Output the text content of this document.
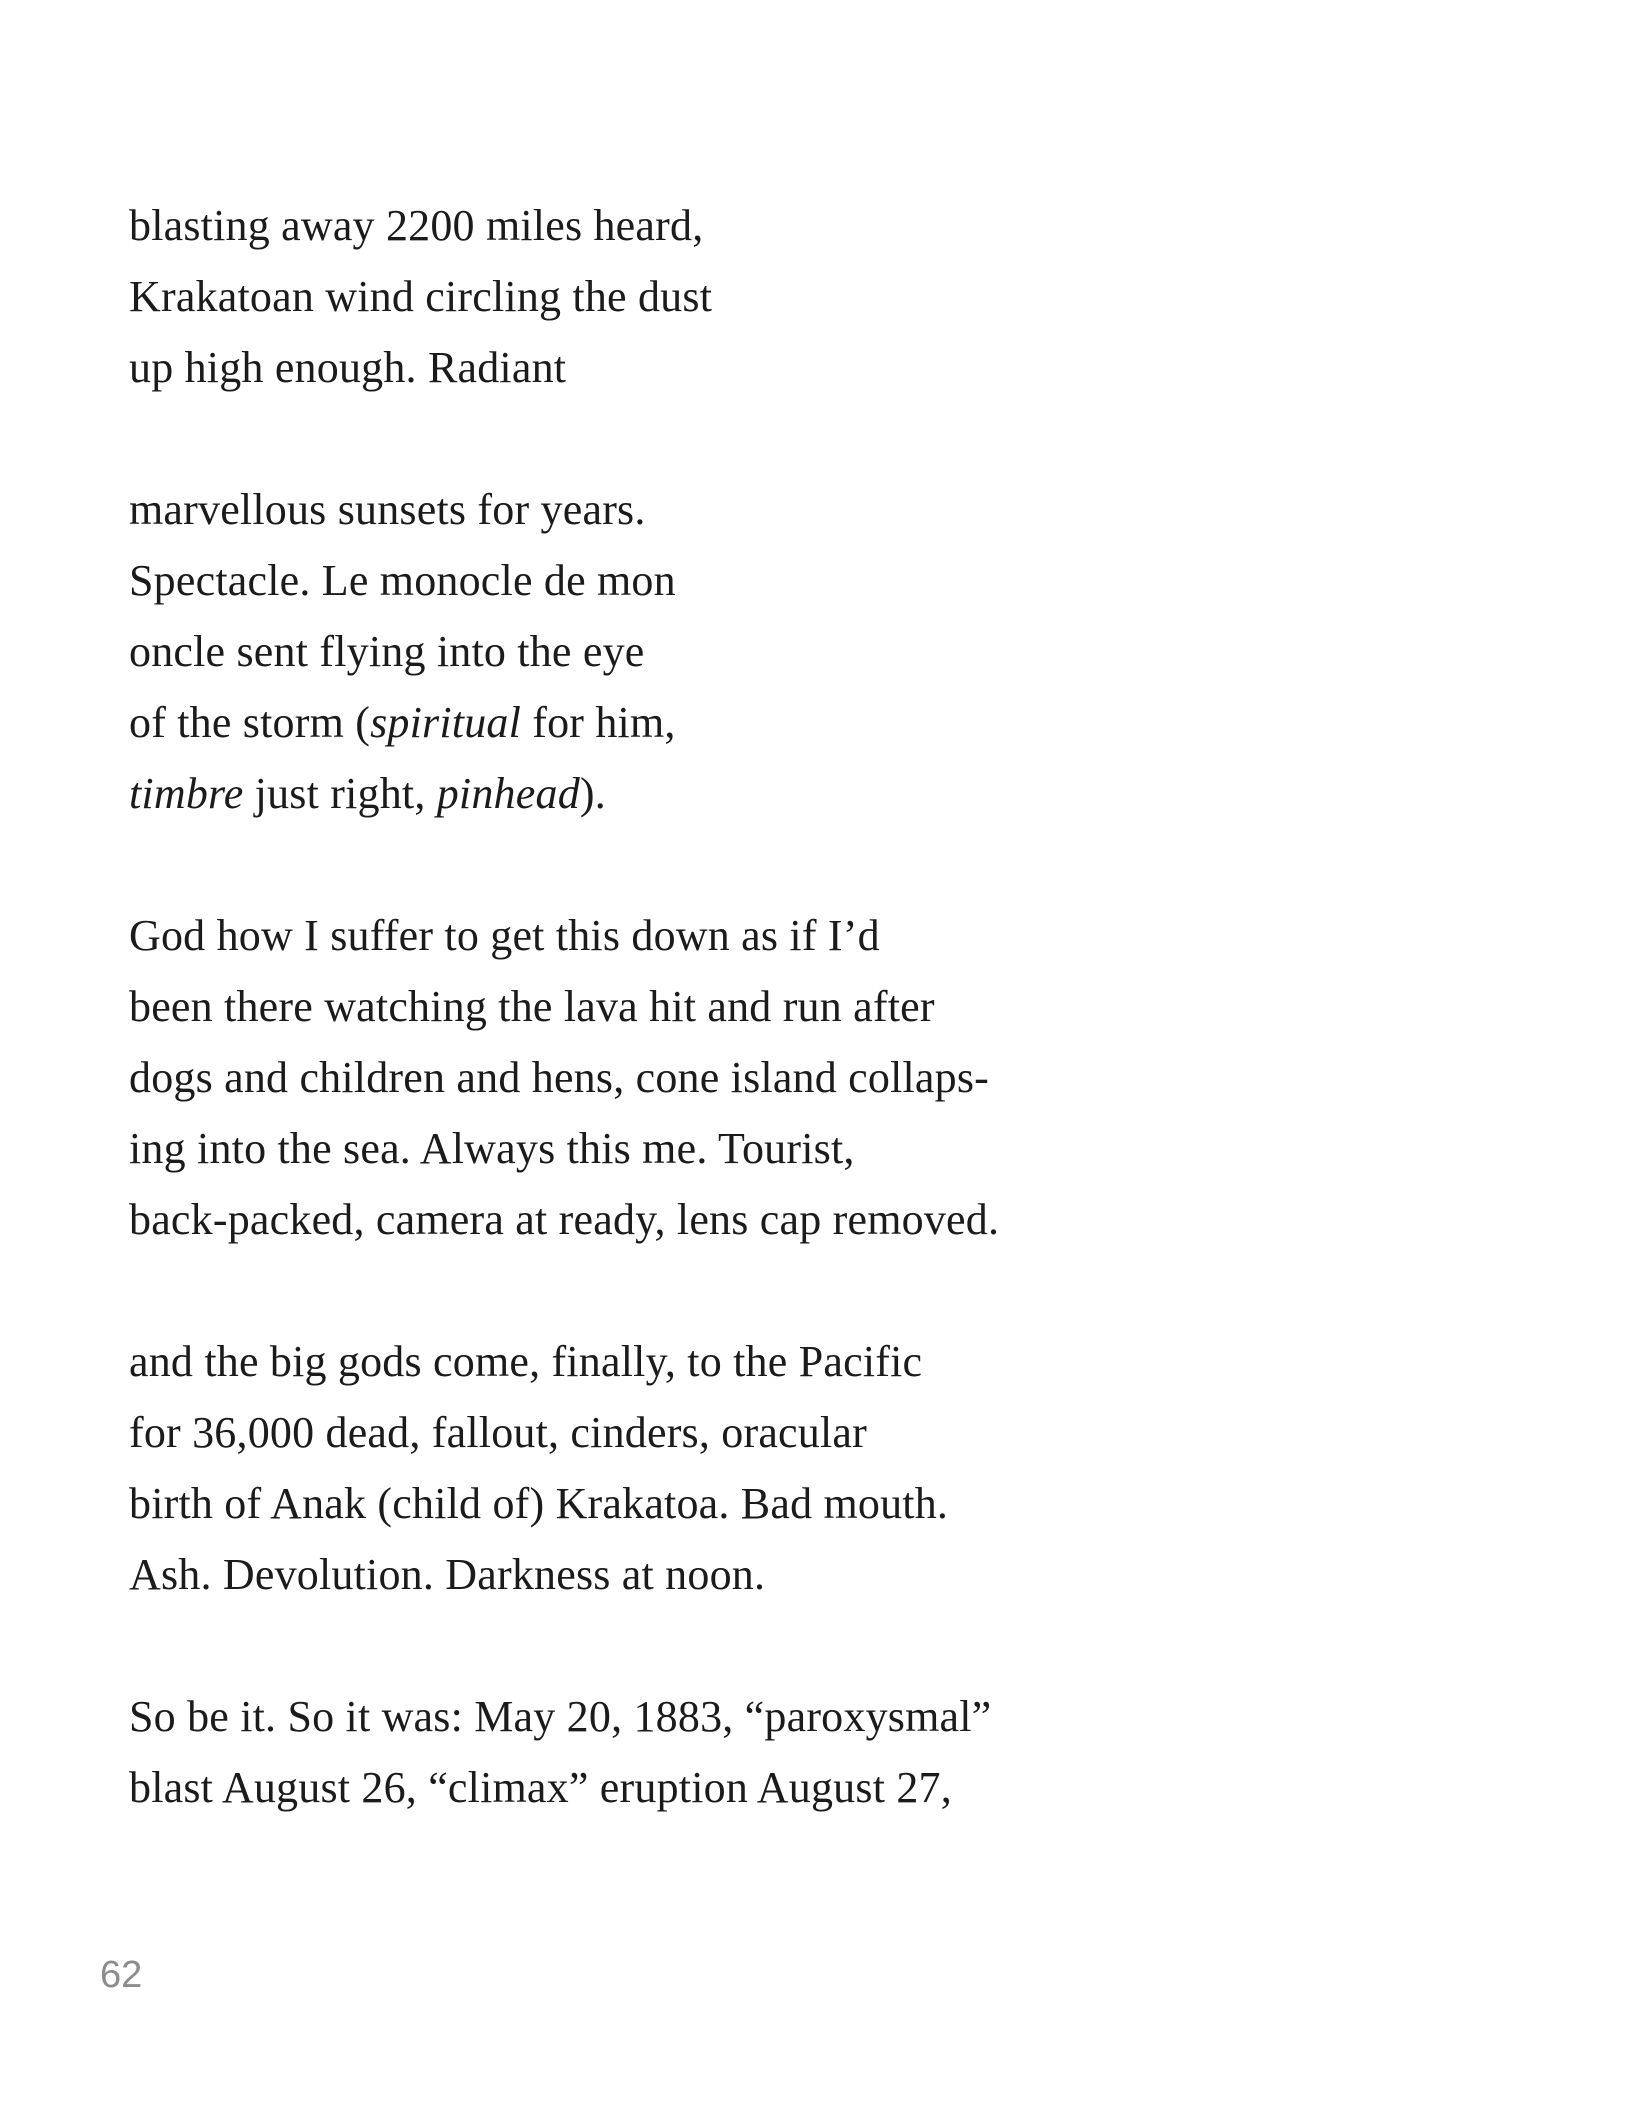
blasting away 2200 miles heard,
Krakatoan wind circling the dust
up high enough. Radiant
marvellous sunsets for years.
Spectacle. Le monocle de mon
oncle sent flying into the eye
of the storm (spiritual for him,
timbre just right, pinhead).
God how I suffer to get this down as if I’d
been there watching the lava hit and run after
dogs and children and hens, cone island collaps-
ing into the sea. Always this me. Tourist,
back-packed, camera at ready, lens cap removed.
and the big gods come, finally, to the Pacific
for 36,000 dead, fallout, cinders, oracular
birth of Anak (child of) Krakatoa. Bad mouth.
Ash. Devolution. Darkness at noon.
So be it. So it was: May 20, 1883, “paroxysmal”
blast August 26, “climax” eruption August 27,
62
